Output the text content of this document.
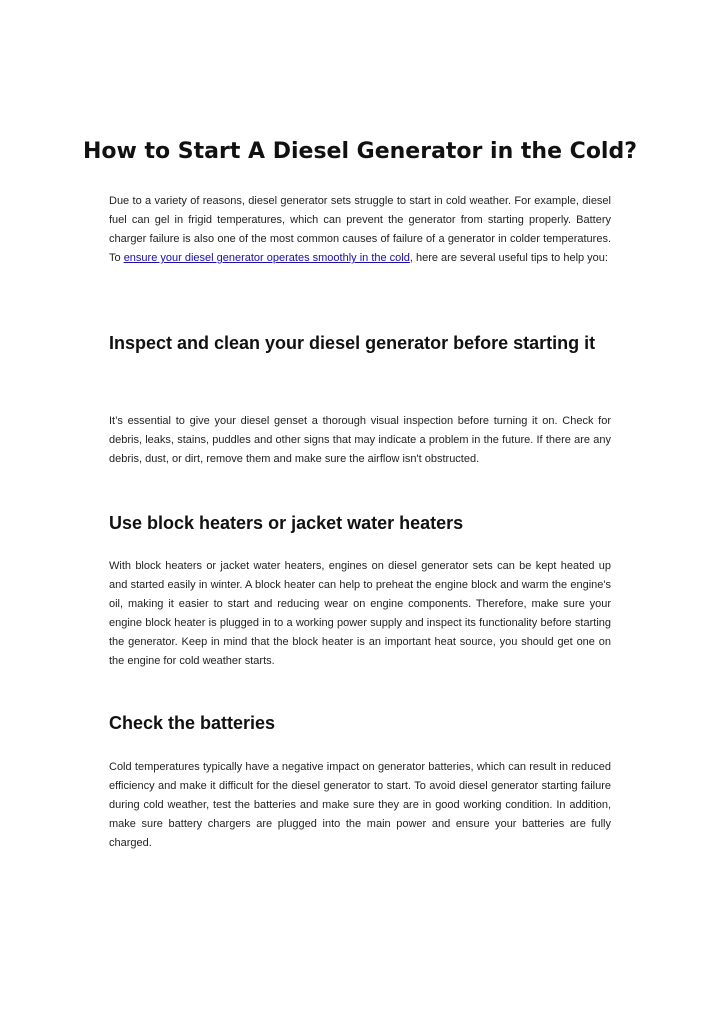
How to Start A Diesel Generator in the Cold?

Due to a variety of reasons, diesel generator sets struggle to start in cold weather. For example, diesel fuel can gel in frigid temperatures, which can prevent the generator from starting properly. Battery charger failure is also one of the most common causes of failure of a generator in colder temperatures. To ensure your diesel generator operates smoothly in the cold, here are several useful tips to help you:

Inspect and clean your diesel generator before starting it

It’s essential to give your diesel genset a thorough visual inspection before turning it on. Check for debris, leaks, stains, puddles and other signs that may indicate a problem in the future. If there are any debris, dust, or dirt, remove them and make sure the airflow isn't obstructed.

Use block heaters or jacket water heaters

With block heaters or jacket water heaters, engines on diesel generator sets can be kept heated up and started easily in winter. A block heater can help to preheat the engine block and warm the engine's oil, making it easier to start and reducing wear on engine components. Therefore, make sure your engine block heater is plugged in to a working power supply and inspect its functionality before starting the generator. Keep in mind that the block heater is an important heat source, you should get one on the engine for cold weather starts.

Check the batteries

Cold temperatures typically have a negative impact on generator batteries, which can result in reduced efficiency and make it difficult for the diesel generator to start. To avoid diesel generator starting failure during cold weather, test the batteries and make sure they are in good working condition. In addition, make sure battery chargers are plugged into the main power and ensure your batteries are fully charged.
